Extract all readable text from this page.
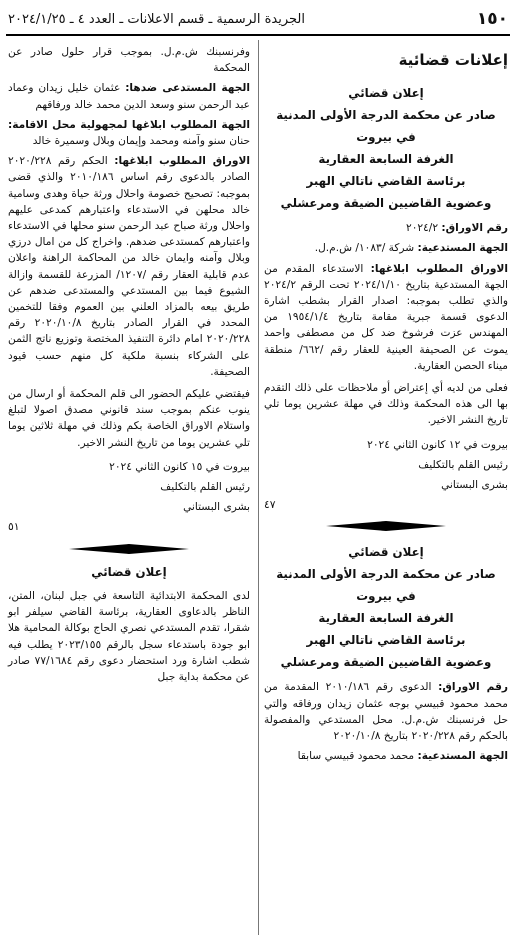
١٥٠
الجريدة الرسمية ـ قسم الاعلانات ـ العدد ٤ ـ ٢٠٢٤/١/٢٥
إعلانات قضائية
إعلان قضائي
صادر عن محكمة الدرجة الأولى المدنية
في بيروت
الغرفة السابعة العقارية
برئاسة القاضي ناتالي الهبر
وعضوية القاضيين الضيقة ومرعشلي

رقم الاوراق: ٢٠٢٤/٢

الجهة المستدعية: شركة /١٠٨٣/ ش.م.ل.

الاوراق المطلوب ابلاغها: الاستدعاء المقدم من الجهة المستدعية بتاريخ ٢٠٢٤/١/١٠ تحت الرقم ٢٠٢٤/٢ والذي تطلب بموجبه: اصدار القرار بشطب اشارة الدعوى قسمة جبرية مقامة بتاريخ ١٩٥٤/١/٤ من المهندس عزت فرشوخ ضد كل من مصطفى واحمد يموت عن الصحيفة العينية للعقار رقم /٦٦٢/ منطقة ميناء الحصن العقارية.

فعلى من لديه أي إعتراض أو ملاحظات على ذلك التقدم بها الى هذه المحكمة وذلك في مهلة عشرين يوما تلي تاريخ النشر الاخير.

بيروت في ١٢ كانون الثاني ٢٠٢٤

رئيس القلم بالتكليف

بشرى البستاني

٤٧
إعلان قضائي
صادر عن محكمة الدرجة الأولى المدنية
في بيروت
الغرفة السابعة العقارية
برئاسة القاضي ناتالي الهبر
وعضوية القاضيين الضيقة ومرعشلي

رقم الاوراق: الدعوى رقم ٢٠١٠/١٨٦ المقدمة من محمد محمود قبيسي بوجه عثمان زيدان ورفاقه والتي حل فرنسبنك ش.م.ل. محل المستدعي والمفصولة بالحكم رقم ٢٠٢٠/٢٢٨ بتاريخ ٢٠٢٠/١٠/٨

الجهة المستدعية: محمد محمود قبيسي سابقا

وفرنسبنك ش.م.ل. بموجب قرار حلول صادر عن المحكمة

الجهة المستدعى ضدها: عثمان خليل زيدان وعماد عبد الرحمن سنو وسعد الدين محمد خالد ورفاقهم

الجهة المطلوب ابلاغها لمجهولية محل الاقامة: حنان سنو وآمنه ومحمد وإيمان وبلال وسميرة خالد

الاوراق المطلوب ابلاغها: الحكم رقم ٢٠٢٠/٢٢٨ الصادر بالدعوى رقم اساس ٢٠١٠/١٨٦ والذي قضى بموجبه: تصحيح خصومة واحلال ورثة حياة وهدى وسامية خالد محلهن في الاستدعاء واعتبارهم كمدعى عليهم واحلال ورثة صباح عبد الرحمن سنو محلها في الاستدعاء واعتبارهم كمستدعى ضدهم. واخراج كل من امال درزي وبلال وآمنه وايمان خالد من المحاكمة الراهنة واعلان عدم قابلية العقار رقم /١٢٠٧/ المزرعة للقسمة وازالة الشيوع فيما بين المستدعي والمستدعى ضدهم عن طريق بيعه بالمزاد العلني بين العموم وفقا للتخمين المحدد في القرار الصادر بتاريخ ٢٠٢٠/١٠/٨ رقم ٢٠٢٠/٢٢٨ امام دائرة التنفيذ المختصة وتوزيع ناتج الثمن على الشركاء بنسبة ملكية كل منهم حسب قيود الصحيفة.

فيقتضي عليكم الحضور الى قلم المحكمة أو ارسال من ينوب عنكم بموجب سند قانوني مصدق اصولا لتبلغ واستلام الاوراق الخاصة بكم وذلك في مهلة ثلاثين يوما تلي عشرين يوما من تاريخ النشر الاخير.

بيروت في ١٥ كانون الثاني ٢٠٢٤

رئيس القلم بالتكليف

بشرى البستاني

٥١
إعلان قضائي

لدى المحكمة الابتدائية التاسعة في جبل لبنان، المتن، الناظر بالدعاوى العقارية، برئاسة القاضي سيلفر ابو شقرا، تقدم المستدعي نصري الحاج بوكالة المحامية هلا ابو جودة باستدعاء سجل بالرقم ٢٠٢٣/١٥٥ يطلب فيه شطب اشارة ورد استحضار دعوى رقم ٧٧/١٦٨٤ صادر عن محكمة بداية جبل
